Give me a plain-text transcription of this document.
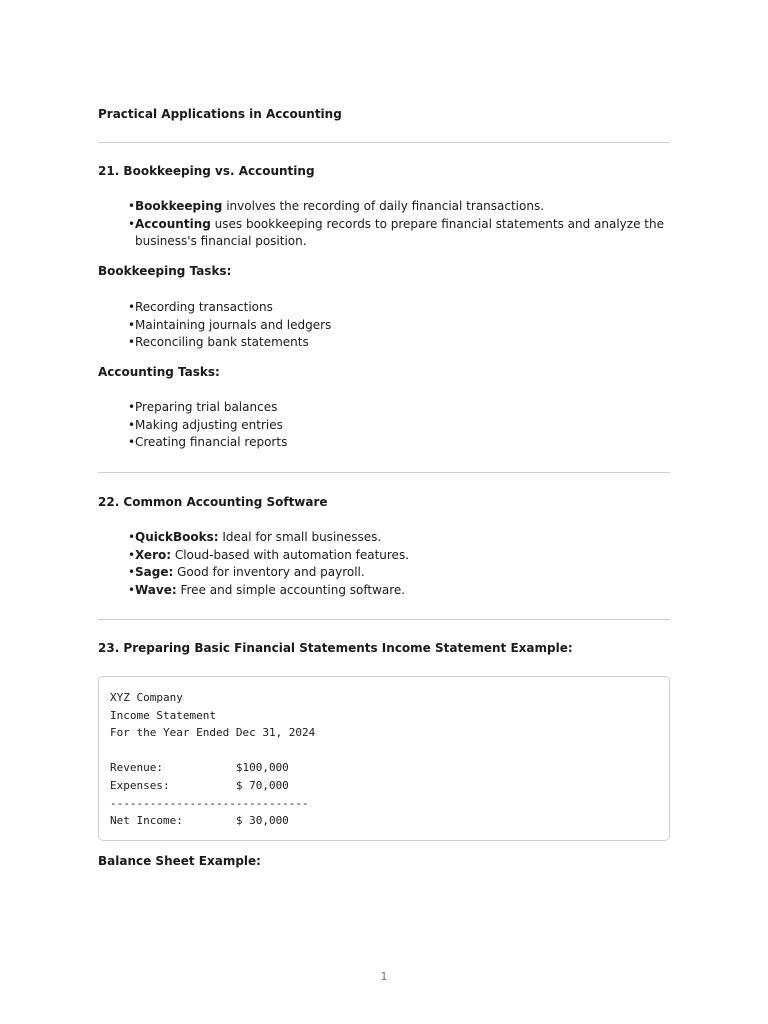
Practical Applications in Accounting
21. Bookkeeping vs. Accounting
• Bookkeeping involves the recording of daily financial transactions.
• Accounting uses bookkeeping records to prepare financial statements and analyze the business's financial position.
Bookkeeping Tasks:
• Recording transactions
• Maintaining journals and ledgers
• Reconciling bank statements
Accounting Tasks:
• Preparing trial balances
• Making adjusting entries
• Creating financial reports
22. Common Accounting Software
• QuickBooks: Ideal for small businesses.
• Xero: Cloud-based with automation features.
• Sage: Good for inventory and payroll.
• Wave: Free and simple accounting software.
23. Preparing Basic Financial Statements Income Statement Example:
XYZ Company
Income Statement
For the Year Ended Dec 31, 2024

Revenue:           $100,000
Expenses:          $ 70,000
------------------------------
Net Income:        $ 30,000
Balance Sheet Example:
1
